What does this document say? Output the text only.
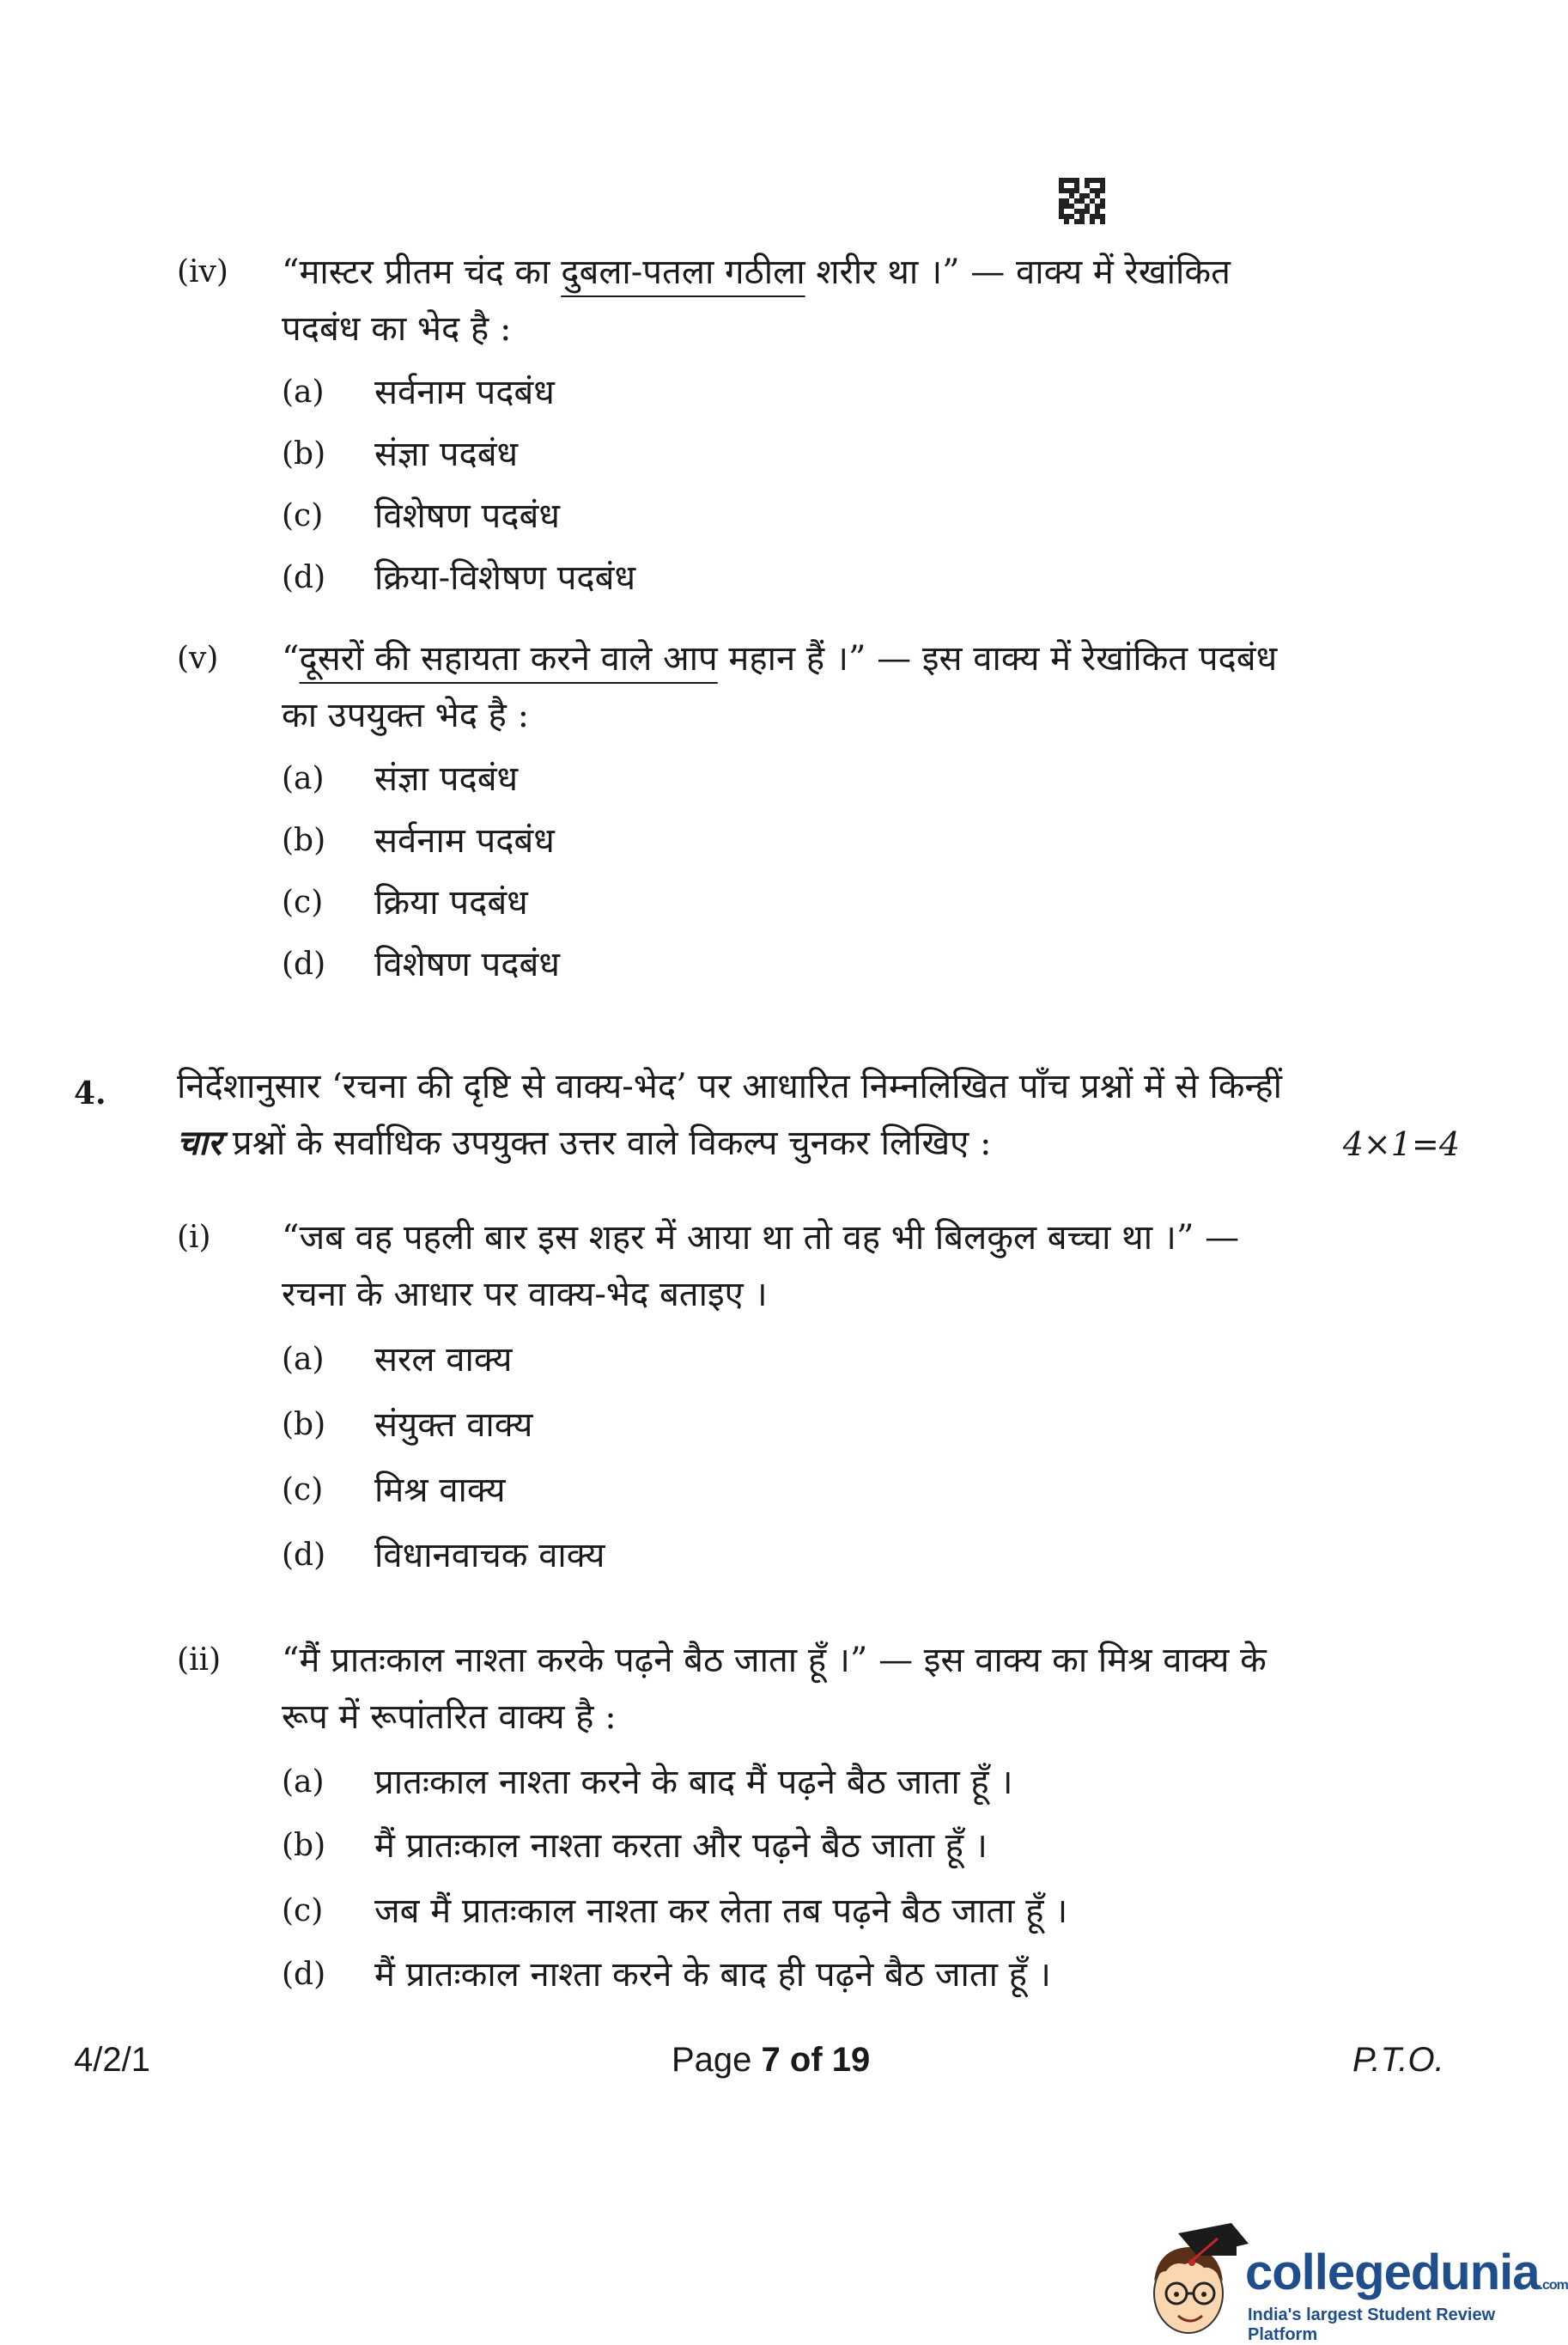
(iv) “मास्टर प्रीतम चंद का दुबला-पतला गठीला शरीर था ।” — वाक्य में रेखांकित
पदबंध का भेद है :
(a) सर्वनाम पदबंध
(b) संज्ञा पदबंध
(c) विशेषण पदबंध
(d) क्रिया-विशेषण पदबंध
(v) “दूसरों की सहायता करने वाले आप महान हैं ।” — इस वाक्य में रेखांकित पदबंध
का उपयुक्त भेद है :
(a) संज्ञा पदबंध
(b) सर्वनाम पदबंध
(c) क्रिया पदबंध
(d) विशेषण पदबंध
4. निर्देशानुसार ‘रचना की दृष्टि से वाक्य-भेद’ पर आधारित निम्नलिखित पाँच प्रश्नों में से किन्हीं
चार प्रश्नों के सर्वाधिक उपयुक्त उत्तर वाले विकल्प चुनकर लिखिए :	4×1=4
(i) “जब वह पहली बार इस शहर में आया था तो वह भी बिलकुल बच्चा था ।” —
रचना के आधार पर वाक्य-भेद बताइए ।
(a) सरल वाक्य
(b) संयुक्त वाक्य
(c) मिश्र वाक्य
(d) विधानवाचक वाक्य
(ii) “मैं प्रातःकाल नाश्ता करके पढ़ने बैठ जाता हूँ ।” — इस वाक्य का मिश्र वाक्य के
रूप में रूपांतरित वाक्य है :
(a) प्रातःकाल नाश्ता करने के बाद मैं पढ़ने बैठ जाता हूँ ।
(b) मैं प्रातःकाल नाश्ता करता और पढ़ने बैठ जाता हूँ ।
(c) जब मैं प्रातःकाल नाश्ता कर लेता तब पढ़ने बैठ जाता हूँ ।
(d) मैं प्रातःकाल नाश्ता करने के बाद ही पढ़ने बैठ जाता हूँ ।
4/2/1	Page 7 of 19	P.T.O.
collegedunia.com
India's largest Student Review Platform
